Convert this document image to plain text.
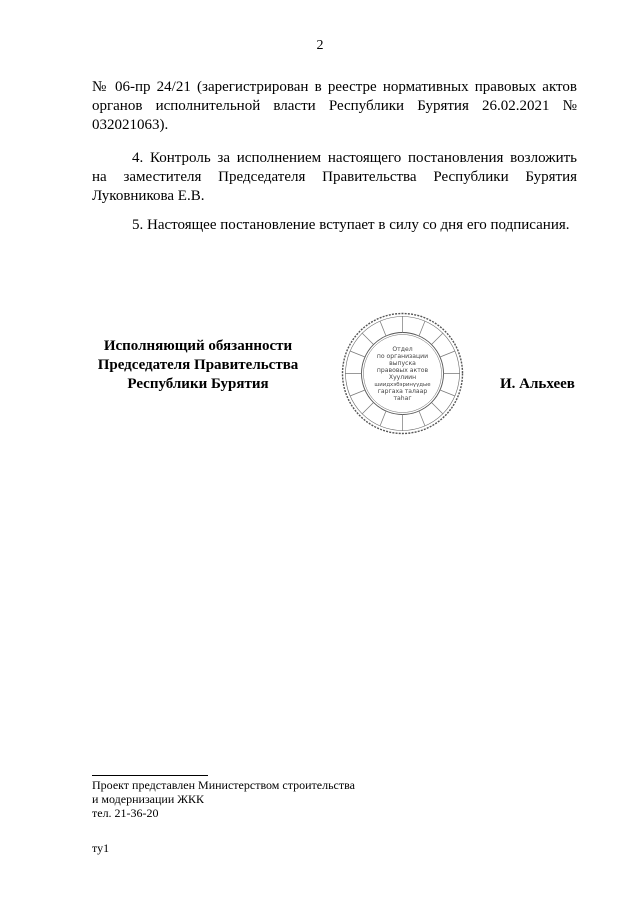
2
№ 06-пр 24/21 (зарегистрирован в реестре нормативных правовых актов органов исполнительной власти Республики Бурятия 26.02.2021 № 032021063).
4. Контроль за исполнением настоящего постановления возложить на заместителя Председателя Правительства Республики Бурятия Луковникова Е.В.
5. Настоящее постановление вступает в силу со дня его подписания.
Исполняющий обязанности
Председателя Правительства
Республики Бурятия
Отдел
по организации
выпуска
правовых актов
Хуулиин
шиидхэбэринүүдые
гаргаха талаар
таһаг
И. Альхеев
Проект представлен Министерством строительства
и модернизации ЖКК
тел. 21-36-20
ту1
